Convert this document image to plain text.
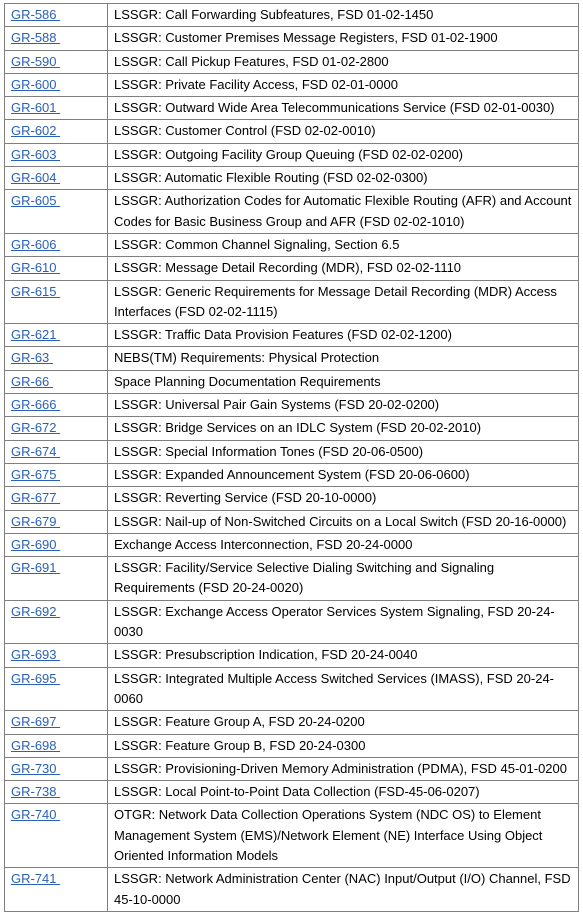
GR-586	LSSGR: Call Forwarding Subfeatures, FSD 01-02-1450
GR-588	LSSGR: Customer Premises Message Registers, FSD 01-02-1900
GR-590	LSSGR: Call Pickup Features, FSD 01-02-2800
GR-600	LSSGR: Private Facility Access, FSD 02-01-0000
GR-601	LSSGR: Outward Wide Area Telecommunications Service (FSD 02-01-0030)
GR-602	LSSGR: Customer Control (FSD 02-02-0010)
GR-603	LSSGR: Outgoing Facility Group Queuing (FSD 02-02-0200)
GR-604	LSSGR: Automatic Flexible Routing (FSD 02-02-0300)
GR-605	LSSGR: Authorization Codes for Automatic Flexible Routing (AFR) and Account Codes for Basic Business Group and AFR (FSD 02-02-1010)
GR-606	LSSGR: Common Channel Signaling, Section 6.5
GR-610	LSSGR: Message Detail Recording (MDR), FSD 02-02-1110
GR-615	LSSGR: Generic Requirements for Message Detail Recording (MDR) Access Interfaces (FSD 02-02-1115)
GR-621	LSSGR: Traffic Data Provision Features (FSD 02-02-1200)
GR-63	NEBS(TM) Requirements: Physical Protection
GR-66	Space Planning Documentation Requirements
GR-666	LSSGR: Universal Pair Gain Systems (FSD 20-02-0200)
GR-672	LSSGR: Bridge Services on an IDLC System (FSD 20-02-2010)
GR-674	LSSGR: Special Information Tones (FSD 20-06-0500)
GR-675	LSSGR: Expanded Announcement System (FSD 20-06-0600)
GR-677	LSSGR: Reverting Service (FSD 20-10-0000)
GR-679	LSSGR: Nail-up of Non-Switched Circuits on a Local Switch (FSD 20-16-0000)
GR-690	Exchange Access Interconnection, FSD 20-24-0000
GR-691	LSSGR: Facility/Service Selective Dialing Switching and Signaling Requirements (FSD 20-24-0020)
GR-692	LSSGR: Exchange Access Operator Services System Signaling, FSD 20-24-0030
GR-693	LSSGR: Presubscription Indication, FSD 20-24-0040
GR-695	LSSGR: Integrated Multiple Access Switched Services (IMASS), FSD 20-24-0060
GR-697	LSSGR: Feature Group A, FSD 20-24-0200
GR-698	LSSGR: Feature Group B, FSD 20-24-0300
GR-730	LSSGR: Provisioning-Driven Memory Administration (PDMA), FSD 45-01-0200
GR-738	LSSGR: Local Point-to-Point Data Collection (FSD-45-06-0207)
GR-740	OTGR: Network Data Collection Operations System (NDC OS) to Element Management System (EMS)/Network Element (NE) Interface Using Object Oriented Information Models
GR-741	LSSGR: Network Administration Center (NAC) Input/Output (I/O) Channel, FSD 45-10-0000
